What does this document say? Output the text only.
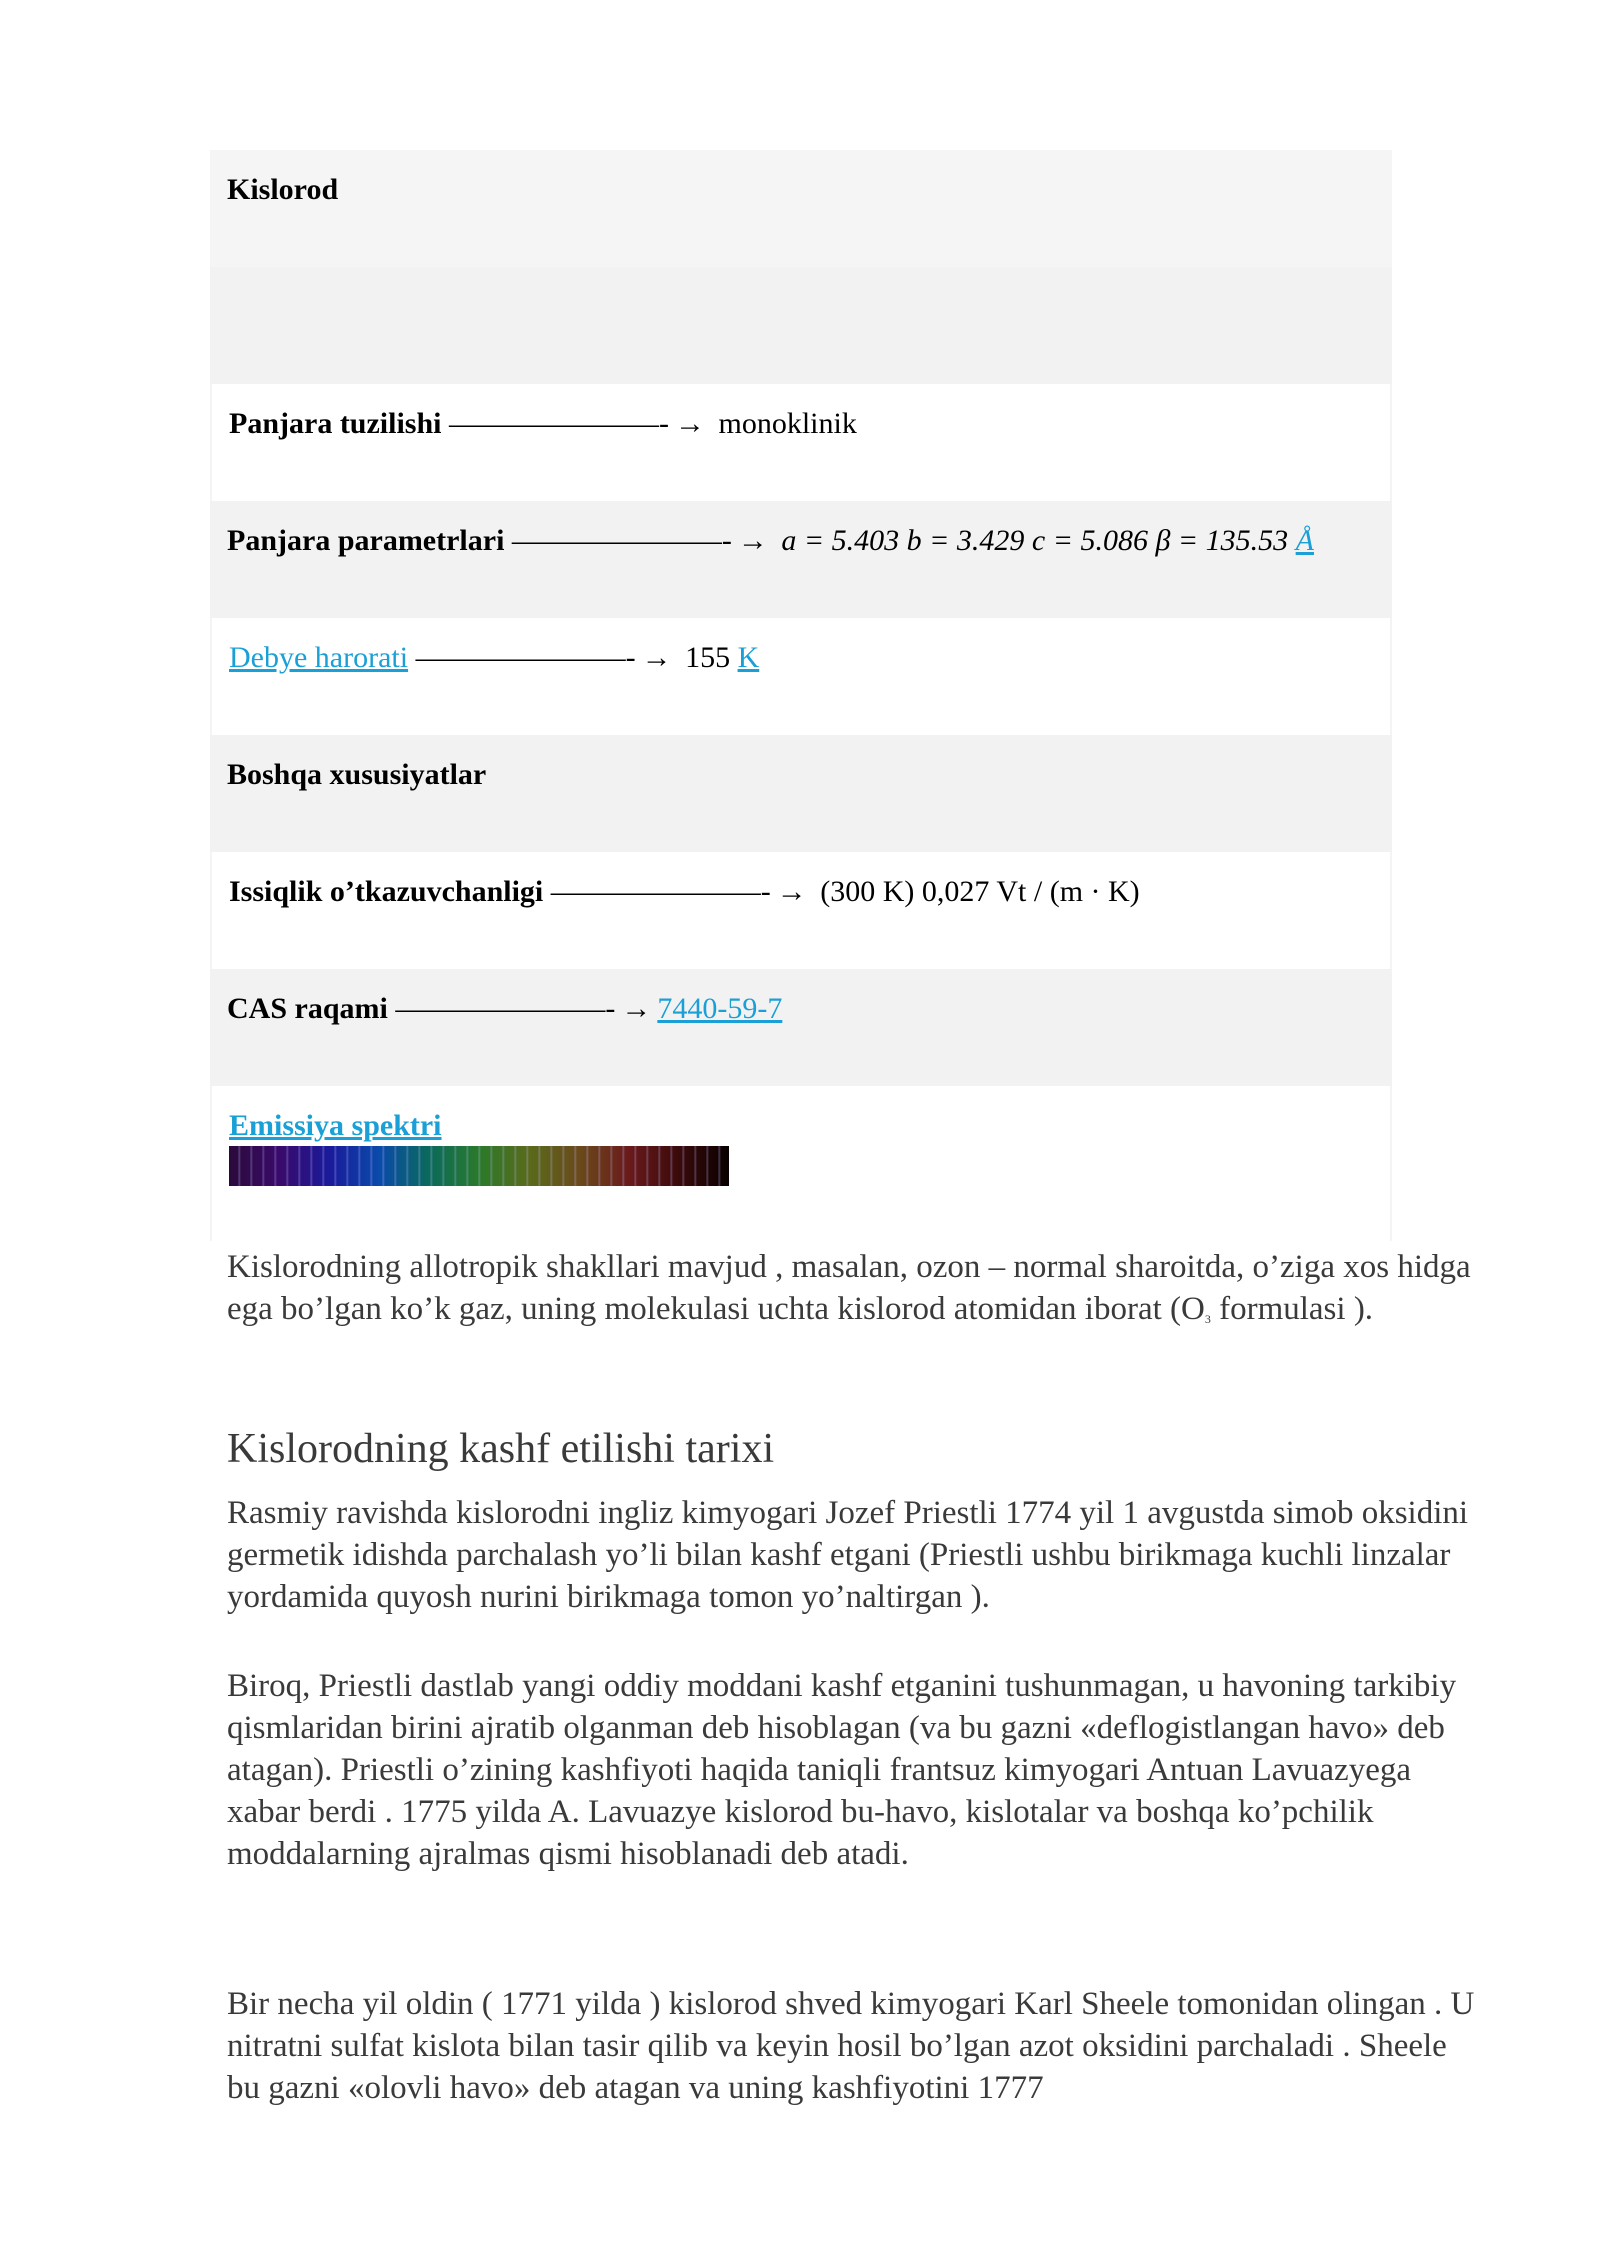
Kislorod
Panjara tuzilishi ———————- → monoklinik
Panjara parametrlari ———————- → a = 5.403 b = 3.429 c = 5.086 β = 135.53 Å
Debye harorati ———————- → 155 K
Boshqa xususiyatlar
Issiqlik o’tkazuvchanligi ———————- → (300 K) 0,027 Vt / (m · K)
CAS raqami ———————- → 7440-59-7
Emissiya spektri
Kislorodning allotropik shakllari mavjud , masalan, ozon – normal sharoitda, o’ziga xos hidga ega bo’lgan ko’k gaz, uning molekulasi uchta kislorod atomidan iborat ($O_3$ formulasi ).
Kislorodning kashf etilishi tarixi
Rasmiy ravishda kislorodni ingliz kimyogari Jozef Priestli 1774 yil 1 avgustda simob oksidini germetik idishda parchalash yo’li bilan kashf etgani (Priestli ushbu birikmaga kuchli linzalar yordamida quyosh nurini birikmaga tomon yo’naltirgan ).
Biroq, Priestli dastlab yangi oddiy moddani kashf etganini tushunmagan, u havoning tarkibiy qismlaridan birini ajratib olganman deb hisoblagan (va bu gazni «deflogistlangan havo» deb atagan). Priestli o’zining kashfiyoti haqida taniqli frantsuz kimyogari Antuan Lavuazyega xabar berdi . 1775 yilda A. Lavuazye kislorod bu-havo, kislotalar va boshqa ko’pchilik moddalarning ajralmas qismi hisoblanadi deb atadi.
Bir necha yil oldin ( 1771 yilda ) kislorod shved kimyogari Karl Sheele tomonidan olingan . U nitratni sulfat kislota bilan tasir qilib va keyin hosil bo’lgan azot oksidini parchaladi . Sheele bu gazni «olovli havo» deb atagan va uning kashfiyotini 1777
